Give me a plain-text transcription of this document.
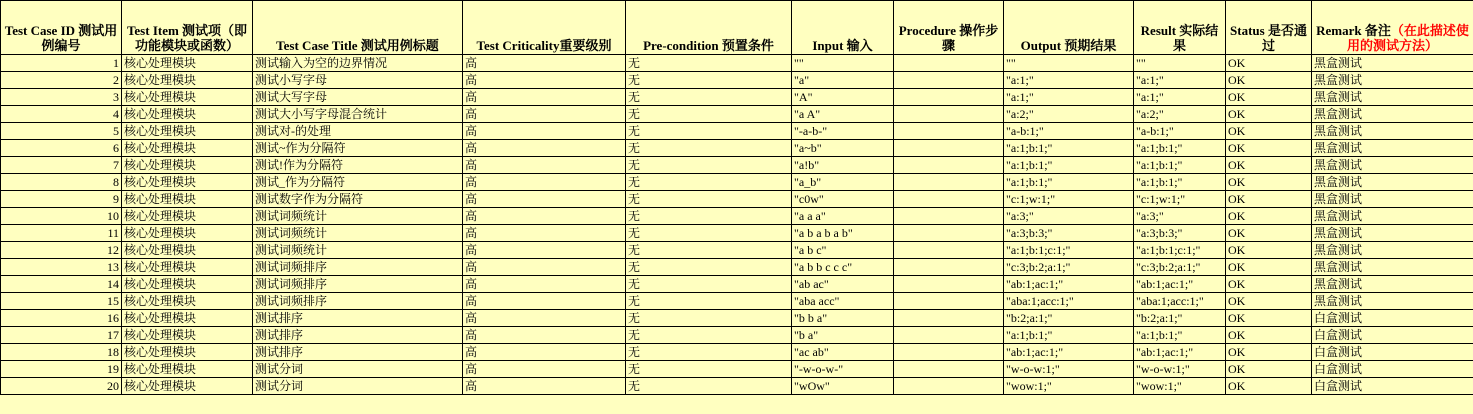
Test Case ID 测试用例编号	Test Item 测试项（即功能模块或函数）	Test Case Title 测试用例标题	Test Criticality重要级别	Pre-condition 预置条件	Input 输入	Procedure 操作步骤	Output 预期结果	Result 实际结果	Status 是否通过	Remark 备注（在此描述使用的测试方法）
1	核心处理模块	测试输入为空的边界情况	高	无	""		""	""	OK	黑盒测试
2	核心处理模块	测试小写字母	高	无	"a"		"a:1;"	"a:1;"	OK	黑盒测试
3	核心处理模块	测试大写字母	高	无	"A"		"a:1;"	"a:1;"	OK	黑盒测试
4	核心处理模块	测试大小写字母混合统计	高	无	"a A"		"a:2;"	"a:2;"	OK	黑盒测试
5	核心处理模块	测试对-的处理	高	无	"-a-b-"		"a-b:1;"	"a-b:1;"	OK	黑盒测试
6	核心处理模块	测试~作为分隔符	高	无	"a~b"		"a:1;b:1;"	"a:1;b:1;"	OK	黑盒测试
7	核心处理模块	测试!作为分隔符	高	无	"a!b"		"a:1;b:1;"	"a:1;b:1;"	OK	黑盒测试
8	核心处理模块	测试_作为分隔符	高	无	"a_b"		"a:1;b:1;"	"a:1;b:1;"	OK	黑盒测试
9	核心处理模块	测试数字作为分隔符	高	无	"c0w"		"c:1;w:1;"	"c:1;w:1;"	OK	黑盒测试
10	核心处理模块	测试词频统计	高	无	"a a a"		"a:3;"	"a:3;"	OK	黑盒测试
11	核心处理模块	测试词频统计	高	无	"a b a b a b"		"a:3;b:3;"	"a:3;b:3;"	OK	黑盒测试
12	核心处理模块	测试词频统计	高	无	"a b c"		"a:1;b:1;c:1;"	"a:1;b:1;c:1;"	OK	黑盒测试
13	核心处理模块	测试词频排序	高	无	"a b b c c c"		"c:3;b:2;a:1;"	"c:3;b:2;a:1;"	OK	黑盒测试
14	核心处理模块	测试词频排序	高	无	"ab ac"		"ab:1;ac:1;"	"ab:1;ac:1;"	OK	黑盒测试
15	核心处理模块	测试词频排序	高	无	"aba acc"		"aba:1;acc:1;"	"aba:1;acc:1;"	OK	黑盒测试
16	核心处理模块	测试排序	高	无	"b b a"		"b:2;a:1;"	"b:2;a:1;"	OK	白盒测试
17	核心处理模块	测试排序	高	无	"b a"		"a:1;b:1;"	"a:1;b:1;"	OK	白盒测试
18	核心处理模块	测试排序	高	无	"ac ab"		"ab:1;ac:1;"	"ab:1;ac:1;"	OK	白盒测试
19	核心处理模块	测试分词	高	无	"-w-o-w-"		"w-o-w:1;"	"w-o-w:1;"	OK	白盒测试
20	核心处理模块	测试分词	高	无	"wOw"		"wow:1;"	"wow:1;"	OK	白盒测试
